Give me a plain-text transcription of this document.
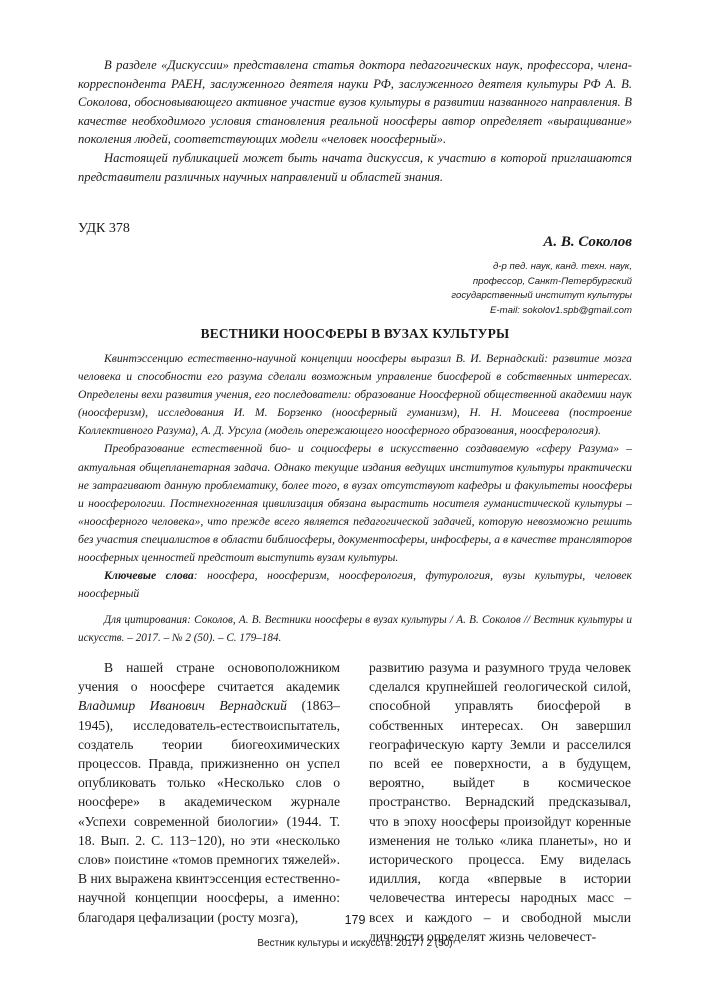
В разделе «Дискуссии» представлена статья доктора педагогических наук, профессора, члена-корреспондента РАЕН, заслуженного деятеля науки РФ, заслуженного деятеля культуры РФ А. В. Соколова, обосновывающего активное участие вузов культуры в развитии названного направления. В качестве необходимого условия становления реальной ноосферы автор определяет «выращивание» поколения людей, соответствующих модели «человек ноосферный».

Настоящей публикацией может быть начата дискуссия, к участию в которой приглашаются представители различных научных направлений и областей знания.

УДК 378
А. В. Соколов
д-р пед. наук, канд. техн. наук,
профессор, Санкт-Петербургский
государственный институт культуры
E-mail: sokolov1.spb@gmail.com
ВЕСТНИКИ НООСФЕРЫ В ВУЗАХ КУЛЬТУРЫ

Квинтэссенцию естественно-научной концепции ноосферы выразил В. И. Вернадский: развитие мозга человека и способности его разума сделали возможным управление биосферой в собственных интересах. Определены вехи развития учения, его последователи: образование Ноосферной общественной академии наук (ноосферизм), исследования И. М. Борзенко (ноосферный гуманизм), Н. Н. Моисеева (построение Коллективного Разума), А. Д. Урсула (модель опережающего ноосферного образования, ноосферология).

Преобразование естественной био- и социосферы в искусственно создаваемую «сферу Разума» – актуальная общепланетарная задача. Однако текущие издания ведущих институтов культуры практически не затрагивают данную проблематику, более того, в вузах отсутствуют кафедры и факультеты ноосферы и ноосферологии. Постнехногенная цивилизация обязана вырастить носителя гуманистической культуры – «ноосферного человека», что прежде всего является педагогической задачей, которую невозможно решить без участия специалистов в области библиосферы, документосферы, инфосферы, а в качестве трансляторов ноосферных ценностей предстоит выступить вузам культуры.

Ключевые слова: ноосфера, ноосферизм, ноосферология, футурология, вузы культуры, человек ноосферный

Для цитирования: Соколов, А. В. Вестники ноосферы в вузах культуры / А. В. Соколов // Вестник культуры и искусств. – 2017. – № 2 (50). – С. 179–184.

В нашей стране основоположником учения о ноосфере считается академик Владимир Иванович Вернадский (1863–1945), исследователь-естествоиспытатель, создатель теории биогеохимических процессов. Правда, прижизненно он успел опубликовать только «Несколько слов о ноосфере» в академическом журнале «Успехи современной биологии» (1944. Т. 18. Вып. 2. С. 113−120), но эти «несколько слов» поистине «томов премногих тяжелей». В них выражена квинтэссенция естественно-научной концепции ноосферы, а именно: благодаря цефализации (росту мозга),

развитию разума и разумного труда человек сделался крупнейшей геологической силой, способной управлять биосферой в собственных интересах. Он завершил географическую карту Земли и расселился по всей ее поверхности, а в будущем, вероятно, выйдет в космическое пространство. Вернадский предсказывал, что в эпоху ноосферы произойдут коренные изменения не только «лика планеты», но и исторического процесса. Ему виделась идиллия, когда «впервые в истории человечества интересы народных масс – всех и каждого – и свободной мысли личности определят жизнь человечест-

179
Вестник культуры и искусств. 2017 / 2 (50)
